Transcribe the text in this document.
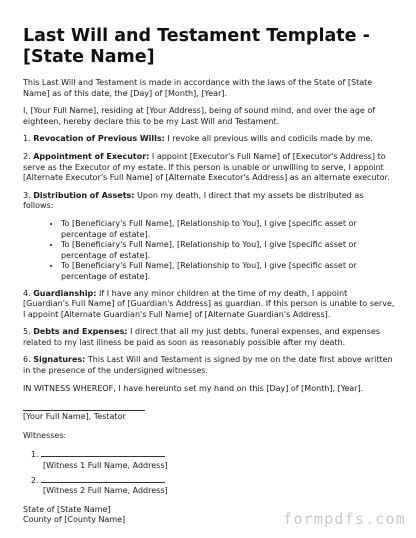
Last Will and Testament Template - [State Name]

This Last Will and Testament is made in accordance with the laws of the State of [State Name] as of this date, the [Day] of [Month], [Year].

I, [Your Full Name], residing at [Your Address], being of sound mind, and over the age of eighteen, hereby declare this to be my Last Will and Testament.

1. Revocation of Previous Wills: I revoke all previous wills and codicils made by me.

2. Appointment of Executor: I appoint [Executor's Full Name] of [Executor's Address] to serve as the Executor of my estate. If this person is unable or unwilling to serve, I appoint [Alternate Executor's Full Name] of [Alternate Executor's Address] as an alternate executor.

3. Distribution of Assets: Upon my death, I direct that my assets be distributed as follows:

• To [Beneficiary's Full Name], [Relationship to You], I give [specific asset or percentage of estate].
• To [Beneficiary's Full Name], [Relationship to You], I give [specific asset or percentage of estate].
• To [Beneficiary's Full Name], [Relationship to You], I give [specific asset or percentage of estate].

4. Guardianship: If I have any minor children at the time of my death, I appoint [Guardian's Full Name] of [Guardian's Address] as guardian. If this person is unable to serve, I appoint [Alternate Guardian's Full Name] of [Alternate Guardian's Address].

5. Debts and Expenses: I direct that all my just debts, funeral expenses, and expenses related to my last illness be paid as soon as reasonably possible after my death.

6. Signatures: This Last Will and Testament is signed by me on the date first above written in the presence of the undersigned witnesses.

IN WITNESS WHEREOF, I have hereunto set my hand on this [Day] of [Month], [Year].

[Your Full Name], Testator

Witnesses:

1. [Witness 1 Full Name, Address]

2. [Witness 2 Full Name, Address]

State of [State Name]

County of [County Name]	formpdfs.com
